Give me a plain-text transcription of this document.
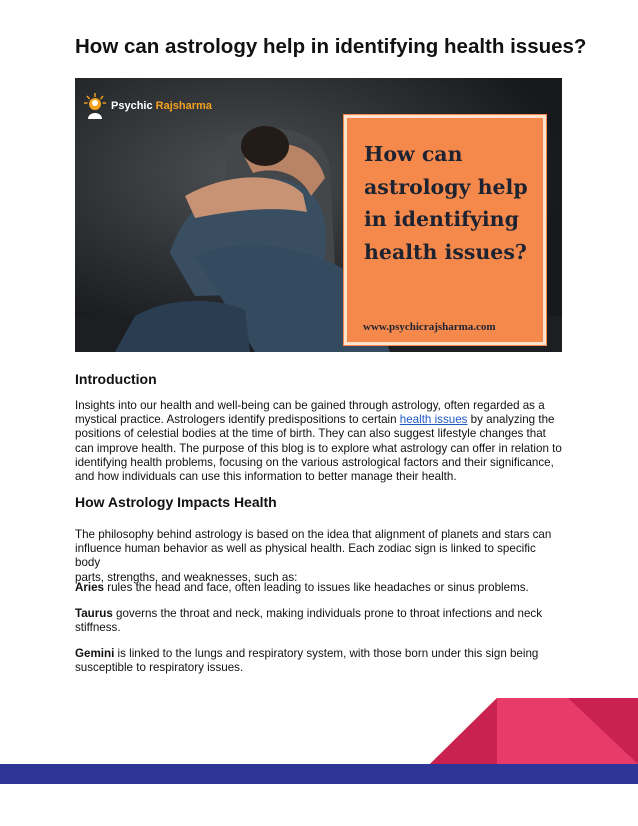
How can astrology help in identifying health issues?
Psychic Rajsharma
How can
astrology help
in identifying
health issues?
www.psychicrajsharma.com
Introduction
Insights into our health and well-being can be gained through astrology, often regarded as a
mystical practice. Astrologers identify predispositions to certain health issues by analyzing the
positions of celestial bodies at the time of birth. They can also suggest lifestyle changes that
can improve health. The purpose of this blog is to explore what astrology can offer in relation to
identifying health problems, focusing on the various astrological factors and their significance,
and how individuals can use this information to better manage their health.
How Astrology Impacts Health
The philosophy behind astrology is based on the idea that alignment of planets and stars can
influence human behavior as well as physical health. Each zodiac sign is linked to specific body
parts, strengths, and weaknesses, such as:
Aries rules the head and face, often leading to issues like headaches or sinus problems.
Taurus governs the throat and neck, making individuals prone to throat infections and neck
stiffness.
Gemini is linked to the lungs and respiratory system, with those born under this sign being
susceptible to respiratory issues.
